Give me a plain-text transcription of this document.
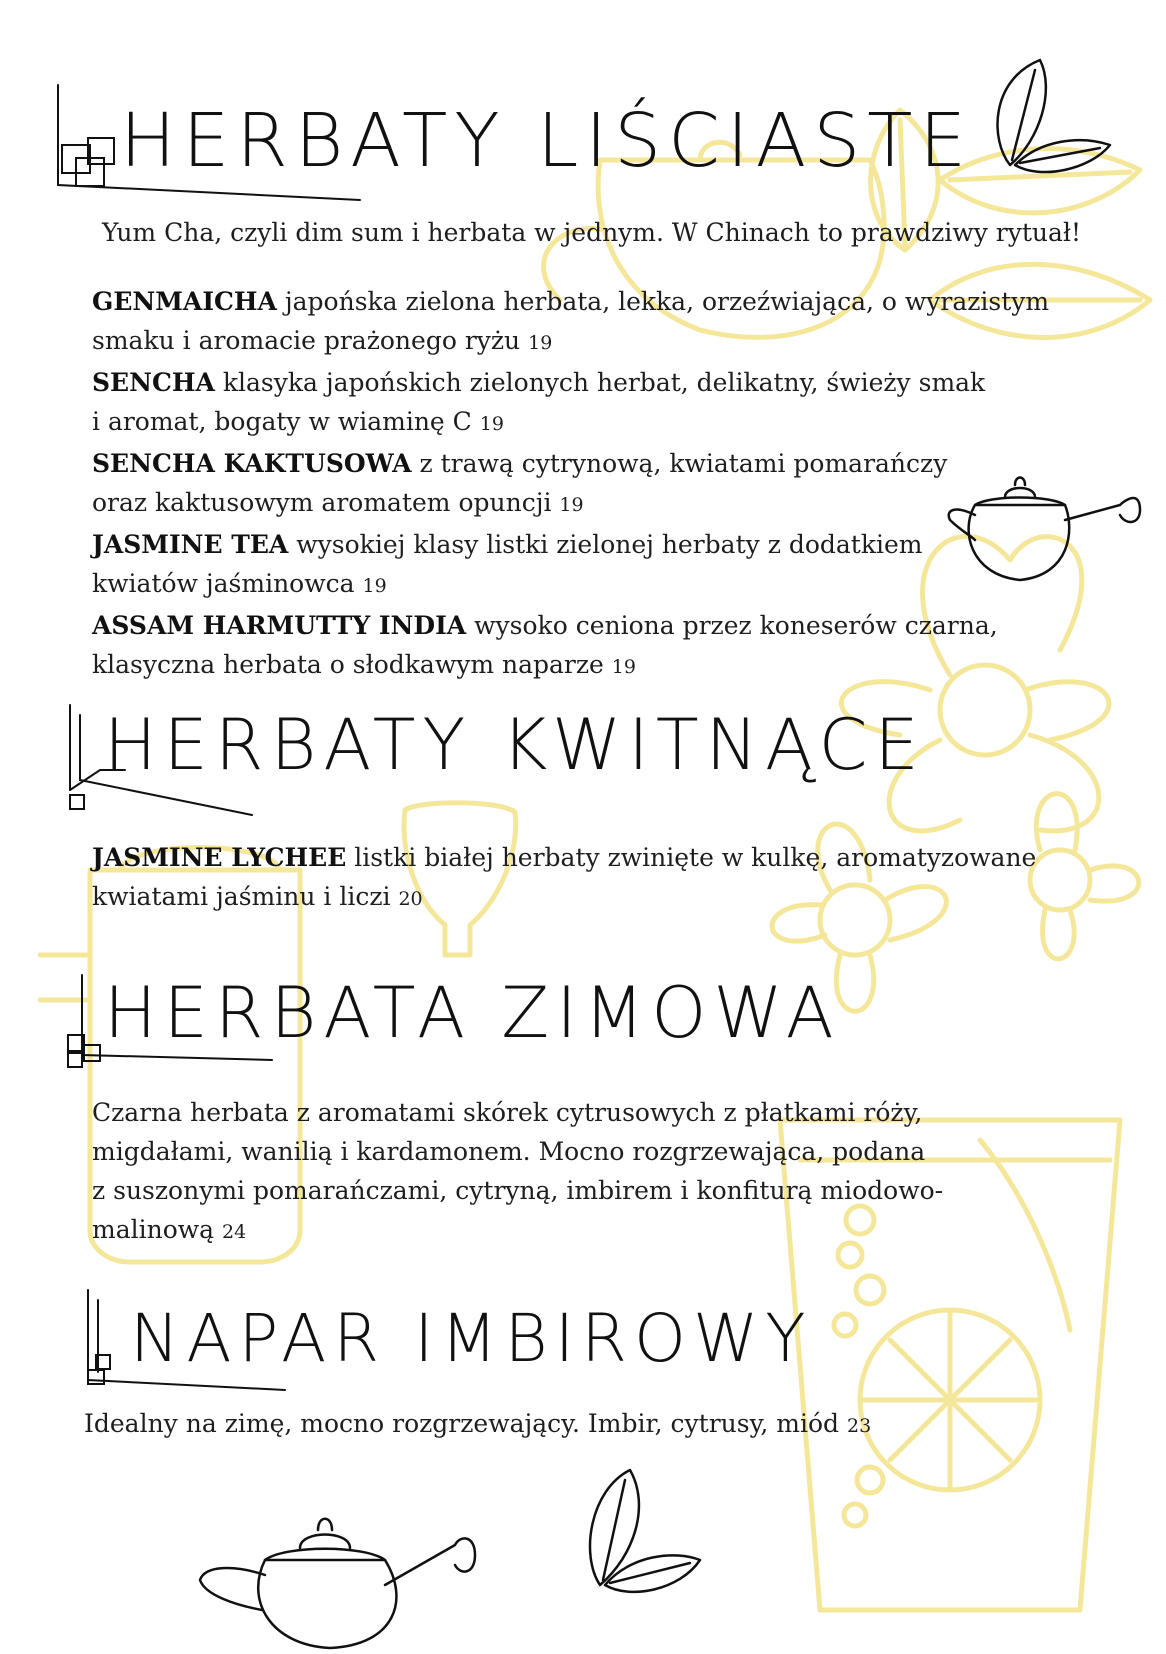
HERBATY LIŚCIASTE
Yum Cha, czyli dim sum i herbata w jednym. W Chinach to prawdziwy rytuał!

GENMAICHA japońska zielona herbata, lekka, orzeźwiająca, o wyrazistym
smaku i aromacie prażonego ryżu 19

SENCHA klasyka japońskich zielonych herbat, delikatny, świeży smak
i aromat, bogaty w wiaminę C 19

SENCHA KAKTUSOWA z trawą cytrynową, kwiatami pomarańczy
oraz kaktusowym aromatem opuncji 19

JASMINE TEA wysokiej klasy listki zielonej herbaty z dodatkiem
kwiatów jaśminowca 19

ASSAM HARMUTTY INDIA wysoko ceniona przez koneserów czarna,
klasyczna herbata o słodkawym naparze 19

HERBATY KWITNĄCE

JASMINE LYCHEE listki białej herbaty zwinięte w kulkę, aromatyzowane
kwiatami jaśminu i liczi 20

HERBATA ZIMOWA
Czarna herbata z aromatami skórek cytrusowych z płatkami róży,
migdałami, wanilią i kardamonem. Mocno rozgrzewająca, podana
z suszonymi pomarańczami, cytryną, imbirem i konfiturą miodowo-
malinową 24
NAPAR IMBIROWY
Idealny na zimę, mocno rozgrzewający. Imbir, cytrusy, miód 23
